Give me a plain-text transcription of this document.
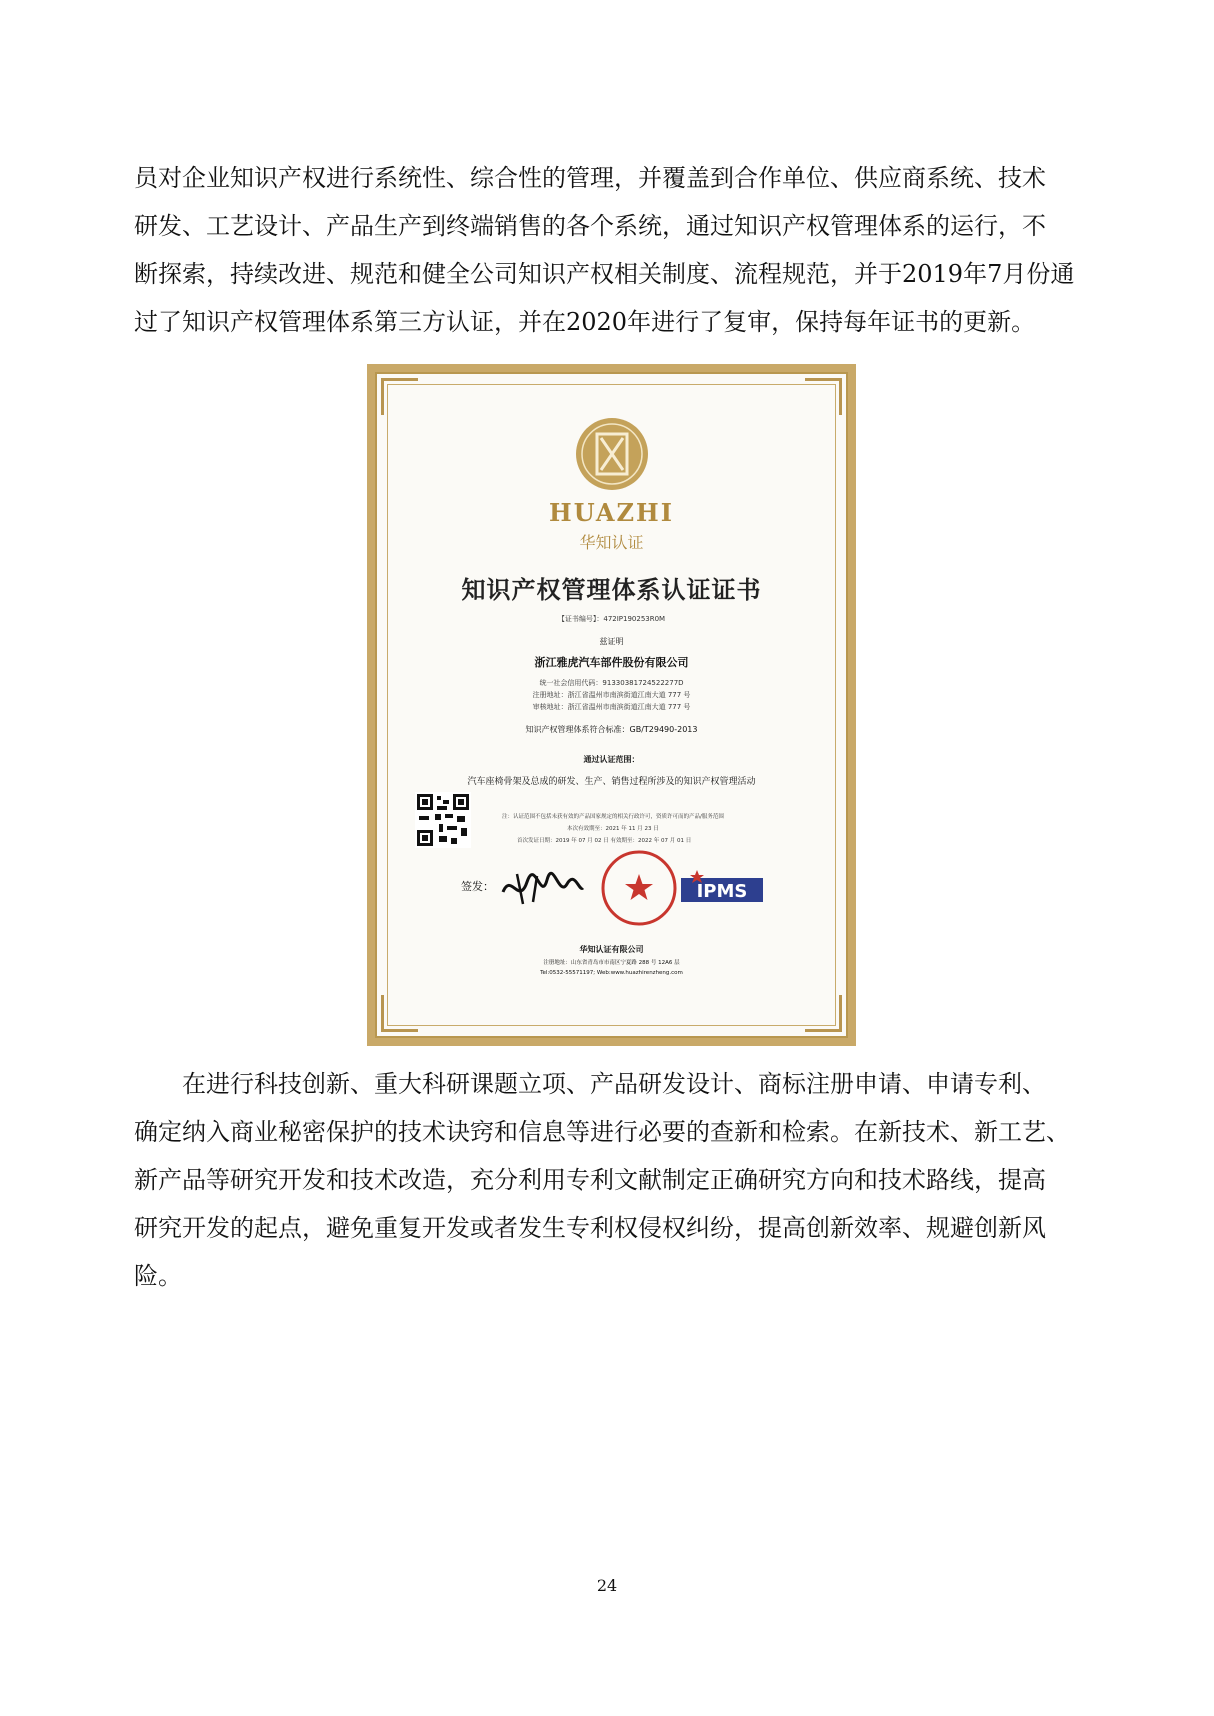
员对企业知识产权进行系统性、综合性的管理，并覆盖到合作单位、供应商系统、技术
研发、工艺设计、产品生产到终端销售的各个系统，通过知识产权管理体系的运行，不
断探索，持续改进、规范和健全公司知识产权相关制度、流程规范，并于2019年7月份通
过了知识产权管理体系第三方认证，并在2020年进行了复审，保持每年证书的更新。
HUAZHI
华知认证
知识产权管理体系认证证书
【证书编号】：472IP190253R0M
兹证明
浙江雅虎汽车部件股份有限公司
统一社会信用代码：91330381724522277D
注册地址：浙江省温州市南滨街道江南大道 777 号
审核地址：浙江省温州市南滨街道江南大道 777 号
知识产权管理体系符合标准：GB/T29490-2013
通过认证范围：
汽车座椅骨架及总成的研发、生产、销售过程所涉及的知识产权管理活动
注：认证范围不包括未获有效的产品国家规定的相关行政许可，资质许可而的产品/服务范围
本次有效期至：2021 年 11 月 23 日
首次发证日期：2019 年 07 月 02 日 有效期至：2022 年 07 月 01 日
签发：	IPMS
华知认证有限公司
注册地址：山东省青岛市市南区宁夏路 288 号 12A6 层
Tel:0532-55571197; Web:www.huazhirenzheng.com
在进行科技创新、重大科研课题立项、产品研发设计、商标注册申请、申请专利、
确定纳入商业秘密保护的技术诀窍和信息等进行必要的查新和检索。在新技术、新工艺、
新产品等研究开发和技术改造，充分利用专利文献制定正确研究方向和技术路线，提高
研究开发的起点，避免重复开发或者发生专利权侵权纠纷，提高创新效率、规避创新风
险。
24
